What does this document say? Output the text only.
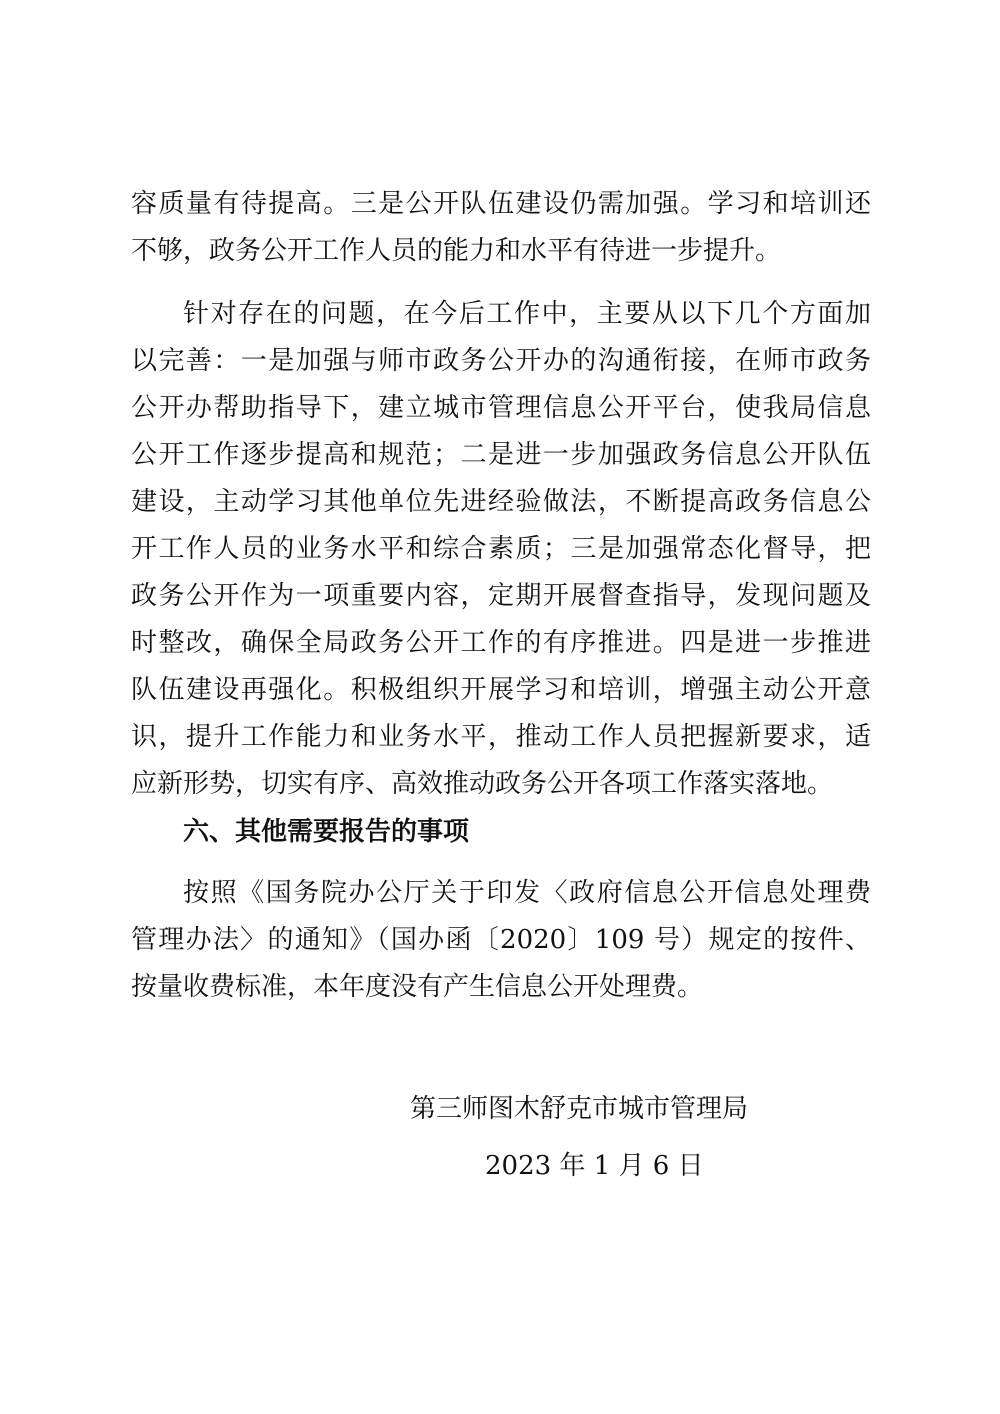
容质量有待提高。三是公开队伍建设仍需加强。学习和培训还
不够，政务公开工作人员的能力和水平有待进一步提升。
针对存在的问题，在今后工作中，主要从以下几个方面加
以完善：一是加强与师市政务公开办的沟通衔接，在师市政务
公开办帮助指导下，建立城市管理信息公开平台，使我局信息
公开工作逐步提高和规范；二是进一步加强政务信息公开队伍
建设，主动学习其他单位先进经验做法，不断提高政务信息公
开工作人员的业务水平和综合素质；三是加强常态化督导，把
政务公开作为一项重要内容，定期开展督查指导，发现问题及
时整改，确保全局政务公开工作的有序推进。四是进一步推进
队伍建设再强化。积极组织开展学习和培训，增强主动公开意
识，提升工作能力和业务水平，推动工作人员把握新要求，适
应新形势，切实有序、高效推动政务公开各项工作落实落地。
六、其他需要报告的事项
按照《国务院办公厅关于印发〈政府信息公开信息处理费
管理办法〉的通知》（国办函〔2020〕109 号）规定的按件、
按量收费标准，本年度没有产生信息公开处理费。
第三师图木舒克市城市管理局
2023 年 1 月 6 日
